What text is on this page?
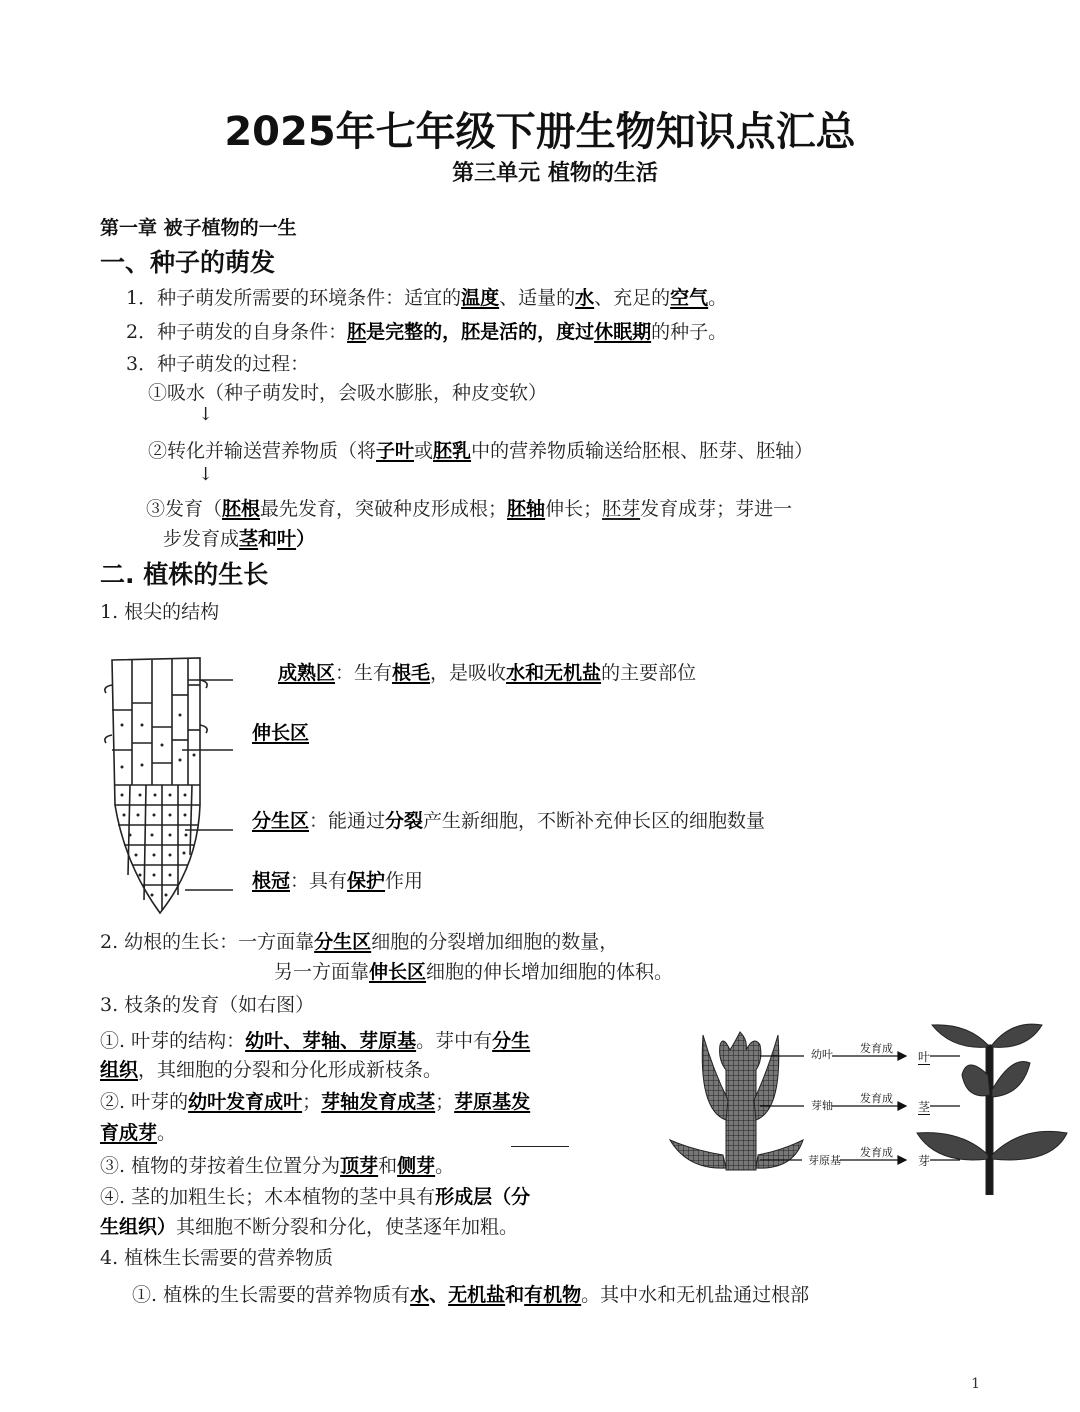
2025年七年级下册生物知识点汇总
第三单元 植物的生活
第一章 被子植物的一生
一、种子的萌发
1．种子萌发所需要的环境条件：适宜的温度、适量的水、充足的空气。
2．种子萌发的自身条件：胚是完整的，胚是活的，度过休眠期的种子。
3．种子萌发的过程：
①吸水（种子萌发时，会吸水膨胀，种皮变软）
↓
②转化并输送营养物质（将子叶或胚乳中的营养物质输送给胚根、胚芽、胚轴）
↓
③发育（胚根最先发育，突破种皮形成根；胚轴伸长；胚芽发育成芽；芽进一
步发育成茎和叶）
二. 植株的生长
1. 根尖的结构
成熟区：生有根毛，是吸收水和无机盐的主要部位
伸长区
分生区：能通过分裂产生新细胞，不断补充伸长区的细胞数量
根冠：具有保护作用
2. 幼根的生长：一方面靠分生区细胞的分裂增加细胞的数量，
另一方面靠伸长区细胞的伸长增加细胞的体积。
3. 枝条的发育（如右图）
①. 叶芽的结构：幼叶、芽轴、芽原基。芽中有分生
组织，其细胞的分裂和分化形成新枝条。
②. 叶芽的幼叶发育成叶；芽轴发育成茎；芽原基发
育成芽。
③. 植物的芽按着生位置分为顶芽和侧芽。
④. 茎的加粗生长；木本植物的茎中具有形成层（分
生组织）其细胞不断分裂和分化，使茎逐年加粗。
幼叶 发育成
叶
芽轴
发育成
茎
芽原基
发育成
芽
4. 植株生长需要的营养物质
①. 植株的生长需要的营养物质有水、无机盐和有机物。其中水和无机盐通过根部
1
